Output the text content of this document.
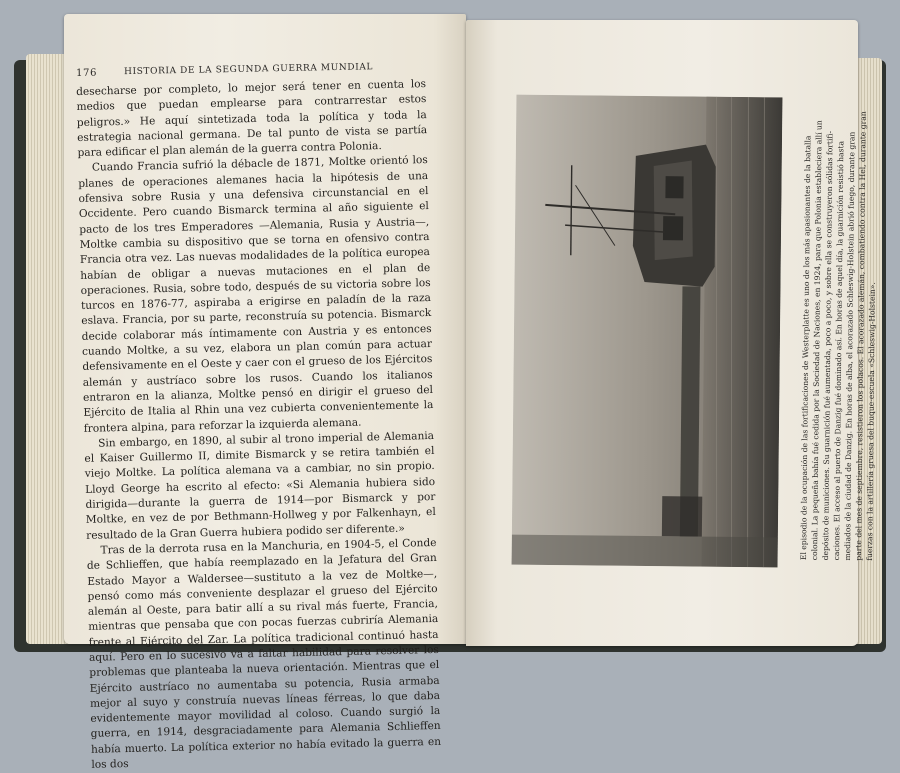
176	HISTORIA DE LA SEGUNDA GUERRA MUNDIAL

desecharse por completo, lo mejor será tener en cuenta los medios que puedan emplearse para contrarrestar estos peligros.» He aquí sintetizada toda la política y toda la estrategia nacional germana. De tal punto de vista se partía para edificar el plan alemán de la guerra contra Polonia.

Cuando Francia sufrió la débacle de 1871, Moltke orientó los planes de operaciones alemanes hacia la hipótesis de una ofensiva sobre Rusia y una defensiva circunstancial en el Occidente. Pero cuando Bismarck termina al año siguiente el pacto de los tres Emperadores —Alemania, Rusia y Austria—, Moltke cambia su dispositivo que se torna en ofensivo contra Francia otra vez. Las nuevas modalidades de la política europea habían de obligar a nuevas mutaciones en el plan de operaciones. Rusia, sobre todo, después de su victoria sobre los turcos en 1876-77, aspiraba a erigirse en paladín de la raza eslava. Francia, por su parte, reconstruía su potencia. Bismarck decide colaborar más íntimamente con Austria y es entonces cuando Moltke, a su vez, elabora un plan común para actuar defensivamente en el Oeste y caer con el grueso de los Ejércitos alemán y austríaco sobre los rusos. Cuando los italianos entraron en la alianza, Moltke pensó en dirigir el grueso del Ejército de Italia al Rhin una vez cubierta convenientemente la frontera alpina, para reforzar la izquierda alemana.

Sin embargo, en 1890, al subir al trono imperial de Alemania el Kaiser Guillermo II, dimite Bismarck y se retira también el viejo Moltke. La política alemana va a cambiar, no sin propio. Lloyd George ha escrito al efecto: «Si Alemania hubiera sido dirigida—durante la guerra de 1914—por Bismarck y por Moltke, en vez de por Bethmann-Hollweg y por Falkenhayn, el resultado de la Gran Guerra hubiera podido ser diferente.»

Tras de la derrota rusa en la Manchuria, en 1904-5, el Conde de Schlieffen, que había reemplazado en la Jefatura del Gran Estado Mayor a Waldersee—sustituto a la vez de Moltke—, pensó como más conveniente desplazar el grueso del Ejército alemán al Oeste, para batir allí a su rival más fuerte, Francia, mientras que pensaba que con pocas fuerzas cubriría Alemania frente al Ejército del Zar. La política tradicional continuó hasta aquí. Pero en lo sucesivo va a faltar habilidad para resolver los problemas que planteaba la nueva orientación. Mientras que el Ejército austríaco no aumentaba su potencia, Rusia armaba mejor al suyo y construía nuevas líneas férreas, lo que daba evidentemente mayor movilidad al coloso. Cuando surgió la guerra, en 1914, desgraciadamente para Alemania Schlieffen había muerto. La política exterior no había evitado la guerra en los dos

El episodio de la ocupación de las fortificaciones de Westerplatte es uno de los más apasionantes de la batalla

colonial. La pequeña bahía fué cedida por la Sociedad de Naciones, en 1924, para que Polonia estableciera allí un

depósito de municiones. Su guarnición fué aumentada, poco a poco, y sobre ella se construyeron sólidas fortifi-

caciones. El acceso al puerto de Danzig fué dominado así. En horas de aquel día, la guarnición resistió hasta

mediados de la ciudad de Danzig. En horas de alba, el acorazado Schleswig-Holstein abrió fuego, durante gran

parte del mes de septiembre, resistieron los polacos. El acorazado alemán, combatiendo contra la Hel, durante gran

fuerzas con la artillería gruesa del buque-escuela «Schleswig-Holstein».
